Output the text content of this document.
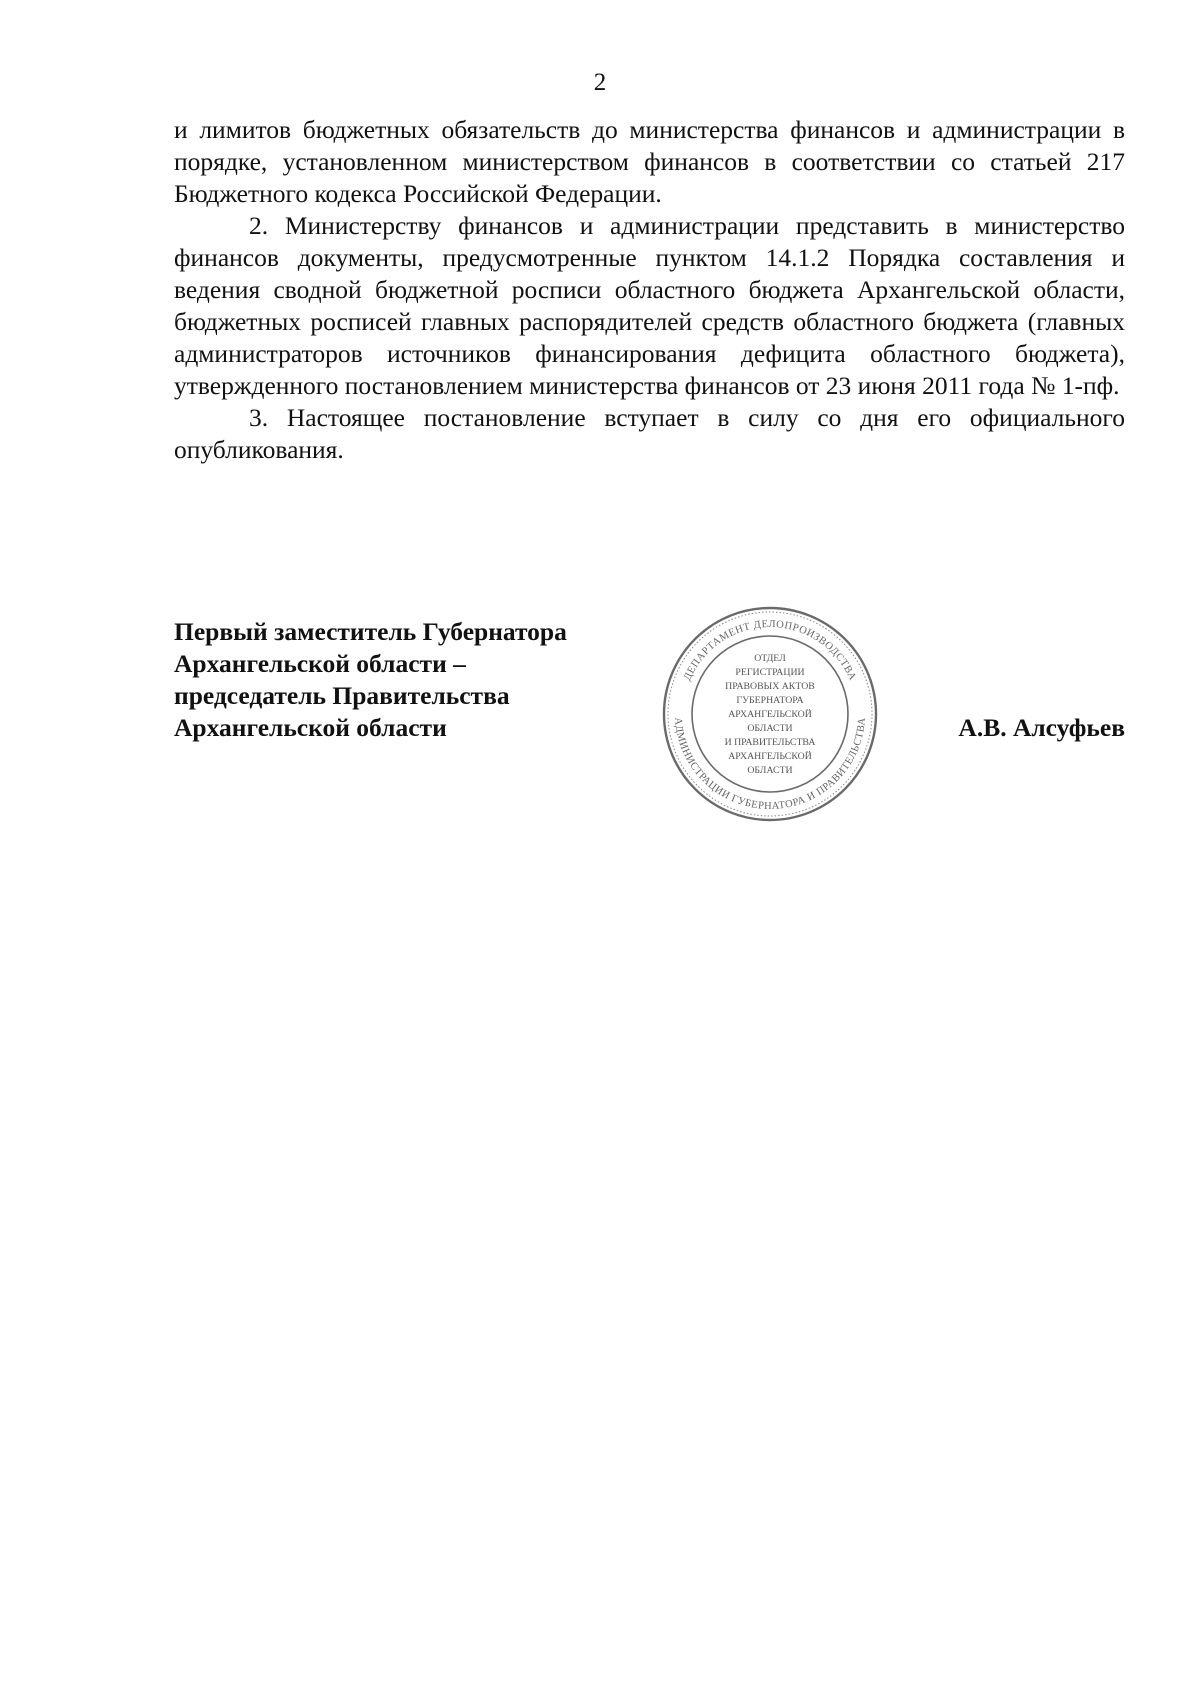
2

и лимитов бюджетных обязательств до министерства финансов и администрации в порядке, установленном министерством финансов в соответствии со статьей 217 Бюджетного кодекса Российской Федерации.

2. Министерству финансов и администрации представить в министерство финансов документы, предусмотренные пунктом 14.1.2 Порядка составления и ведения сводной бюджетной росписи областного бюджета Архангельской области, бюджетных росписей главных распорядителей средств областного бюджета (главных администраторов источников финансирования дефицита областного бюджета), утвержденного постановлением министерства финансов от 23 июня 2011 года № 1-пф.

3. Настоящее постановление вступает в силу со дня его официального опубликования.

Первый заместитель Губернатора
Архангельской области –
председатель Правительства
Архангельской области	А.В. Алсуфьев
ДЕПАРТАМЕНТ ДЕЛОПРОИЗВОДСТВА
АДМИНИСТРАЦИИ ГУБЕРНАТОРА И ПРАВИТЕЛЬСТВА
ОТДЕЛ
РЕГИСТРАЦИИ
ПРАВОВЫХ АКТОВ
ГУБЕРНАТОРА
АРХАНГЕЛЬСКОЙ
ОБЛАСТИ
И ПРАВИТЕЛЬСТВА
АРХАНГЕЛЬСКОЙ
ОБЛАСТИ
